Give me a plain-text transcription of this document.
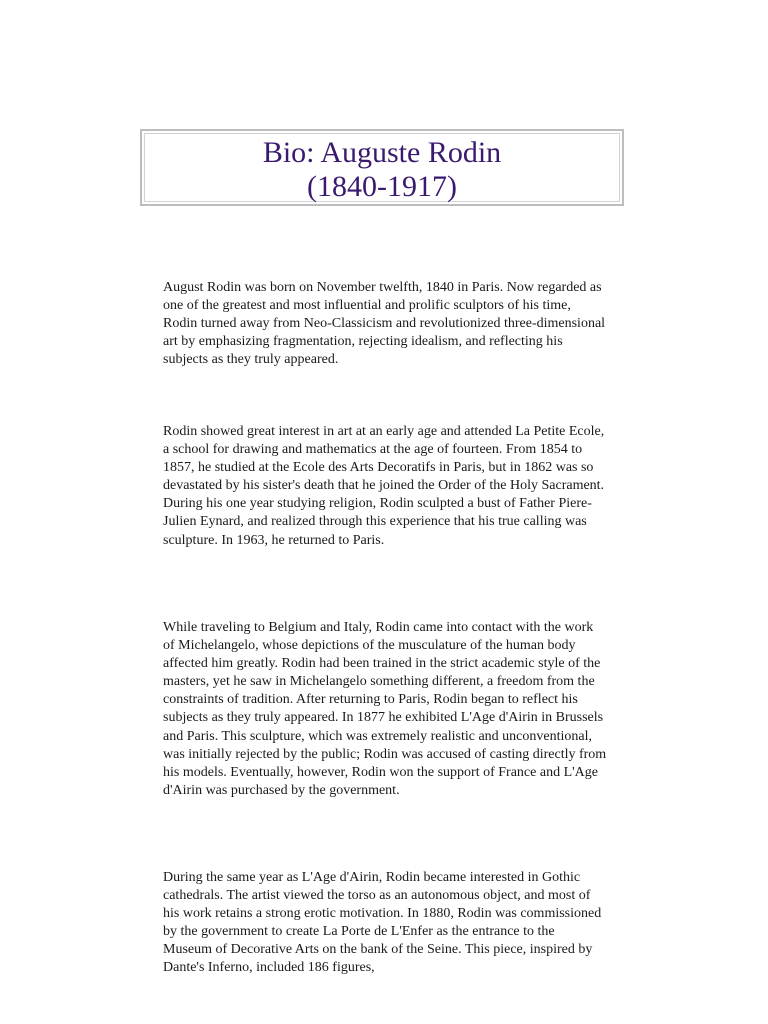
Bio: Auguste Rodin
(1840-1917)

August Rodin was born on November twelfth, 1840 in Paris. Now regarded as one of the greatest and most influential and prolific sculptors of his time, Rodin turned away from Neo-Classicism and revolutionized three-dimensional art by emphasizing fragmentation, rejecting idealism, and reflecting his subjects as they truly appeared.

Rodin showed great interest in art at an early age and attended La Petite Ecole, a school for drawing and mathematics at the age of fourteen. From 1854 to 1857, he studied at the Ecole des Arts Decoratifs in Paris, but in 1862 was so devastated by his sister's death that he joined the Order of the Holy Sacrament. During his one year studying religion, Rodin sculpted a bust of Father Piere-Julien Eynard, and realized through this experience that his true calling was sculpture. In 1963, he returned to Paris.

While traveling to Belgium and Italy, Rodin came into contact with the work of Michelangelo, whose depictions of the musculature of the human body affected him greatly. Rodin had been trained in the strict academic style of the masters, yet he saw in Michelangelo something different, a freedom from the constraints of tradition. After returning to Paris, Rodin began to reflect his subjects as they truly appeared. In 1877 he exhibited L'Age d'Airin in Brussels and Paris. This sculpture, which was extremely realistic and unconventional, was initially rejected by the public; Rodin was accused of casting directly from his models. Eventually, however, Rodin won the support of France and L'Age d'Airin was purchased by the government.

During the same year as L'Age d'Airin, Rodin became interested in Gothic cathedrals. The artist viewed the torso as an autonomous object, and most of his work retains a strong erotic motivation. In 1880, Rodin was commissioned by the government to create La Porte de L'Enfer as the entrance to the Museum of Decorative Arts on the bank of the Seine. This piece, inspired by Dante's Inferno, included 186 figures,
